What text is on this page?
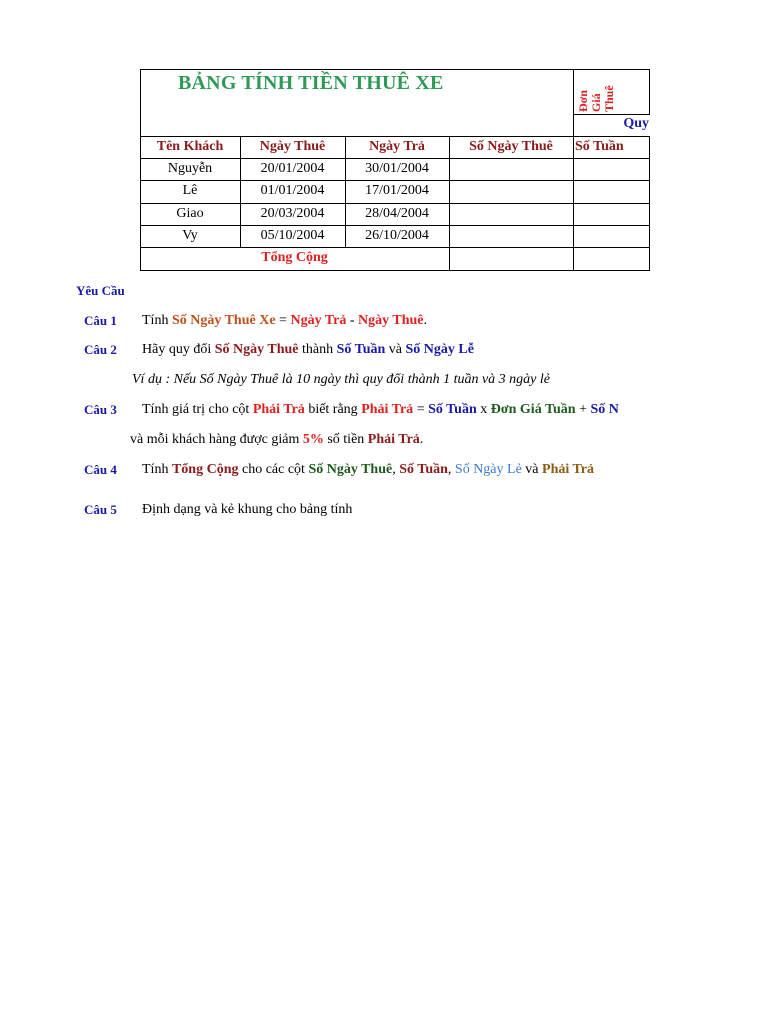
BẢNG TÍNH TIỀN THUÊ XE
Đơn Giá Thuê
Quy
Tên Khách	Ngày Thuê	Ngày Trả	Số Ngày Thuê	Số Tuần
Nguyễn	20/01/2004	30/01/2004
Lê	01/01/2004	17/01/2004
Giao	20/03/2004	28/04/2004
Vy	05/10/2004	26/10/2004
Tổng Cộng
Yêu Cầu
Câu 1 Tính Số Ngày Thuê Xe = Ngày Trả - Ngày Thuê.
Câu 2 Hãy quy đổi Số Ngày Thuê thành Số Tuần và Số Ngày Lễ
Ví dụ : Nếu Số Ngày Thuê là 10 ngày thì quy đổi thành 1 tuần và 3 ngày lẻ
Câu 3 Tính giá trị cho cột Phải Trả biết rằng Phải Trả = Số Tuần x Đơn Giá Tuần + Số N
và mỗi khách hàng được giảm 5% số tiền Phải Trả.
Câu 4 Tính Tổng Cộng cho các cột Số Ngày Thuê, Số Tuần, Số Ngày Lẻ và Phải Trả
Câu 5 Định dạng và kẻ khung cho bảng tính
